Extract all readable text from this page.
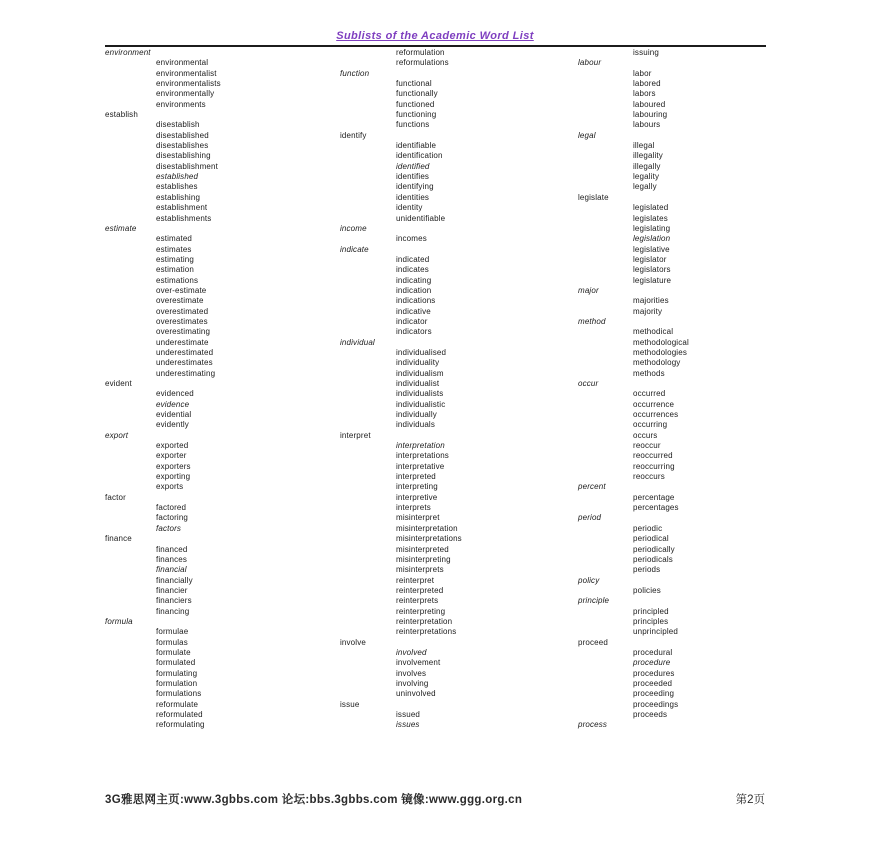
Sublists of the Academic Word List
environment
environmental
environmentalist
environmentalists
environmentally
environments
establish
disestablish
disestablished
disestablishes
disestablishing
disestablishment
established
establishes
establishing
establishment
establishments
estimate
estimated
estimates
estimating
estimation
estimations
over-estimate
overestimate
overestimated
overestimates
overestimating
underestimate
underestimated
underestimates
underestimating
evident
evidenced
evidence
evidential
evidently
export
exported
exporter
exporters
exporting
exports
factor
factored
factoring
factors
finance
financed
finances
financial
financially
financier
financiers
financing
formula
formulae
formulas
formulate
formulated
formulating
formulation
formulations
reformulate
reformulated
reformulating
reformulation
reformulations
function
functional
functionally
functioned
functioning
functions
identify
identifiable
identification
identified
identifies
identifying
identities
identity
unidentifiable
income
incomes
indicate
indicated
indicates
indicating
indication
indications
indicative
indicator
indicators
individual
individualised
individuality
individualism
individualist
individualists
individualistic
individually
individuals
interpret
interpretation
interpretations
interpretative
interpreted
interpreting
interpretive
interprets
misinterpret
misinterpretation
misinterpretations
misinterpreted
misinterpreting
misinterprets
reinterpret
reinterpreted
reinterprets
reinterpreting
reinterpretation
reinterpretations
involve
involved
involvement
involves
involving
uninvolved
issue
issued
issues
issuing
labour
labor
labored
labors
laboured
labouring
labours
legal
illegal
illegality
illegally
legality
legally
legislate
legislated
legislates
legislating
legislation
legislative
legislator
legislators
legislature
major
majorities
majority
method
methodical
methodological
methodologies
methodology
methods
occur
occurred
occurrence
occurrences
occurring
occurs
reoccur
reoccurred
reoccurring
reoccurs
percent
percentage
percentages
period
periodic
periodical
periodically
periodicals
periods
policy
policies
principle
principled
principles
unprincipled
proceed
procedural
procedure
procedures
proceeded
proceeding
proceedings
proceeds
process
3G雅思网主页:www.3gbbs.com 论坛:bbs.3gbbs.com 镜像:www.ggg.org.cn	第2页
